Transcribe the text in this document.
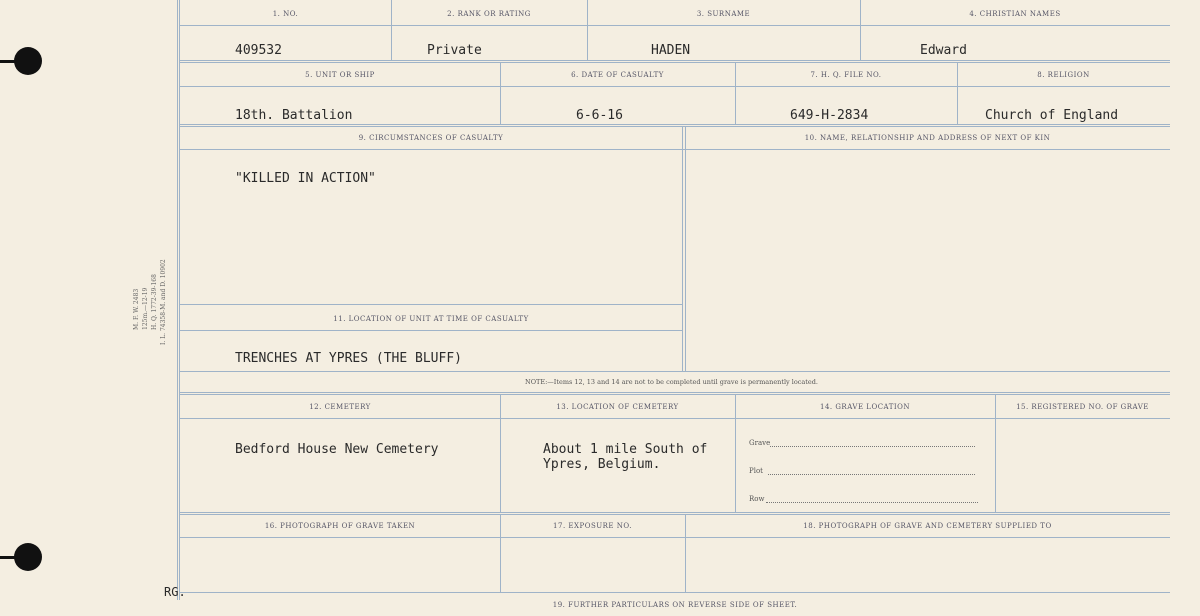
M. F. W. 2483 125m.—12-19 H. Q. 1772-39-168 I. L. 74358-M. and D. 10902
1. NO.	2. RANK OR RATING	3. SURNAME	4. CHRISTIAN NAMES
409532	Private	HADEN	Edward
5. UNIT OR SHIP	6. DATE OF CASUALTY	7. H. Q. FILE NO.	8. RELIGION
18th. Battalion	6-6-16	649-H-2834	Church of England
9. CIRCUMSTANCES OF CASUALTY	10. NAME, RELATIONSHIP AND ADDRESS OF NEXT OF KIN
"KILLED IN ACTION"
11. LOCATION OF UNIT AT TIME OF CASUALTY
TRENCHES AT YPRES (THE BLUFF)
NOTE:—Items 12, 13 and 14 are not to be completed until grave is permanently located.
12. CEMETERY	13. LOCATION OF CEMETERY	14. GRAVE LOCATION	15. REGISTERED NO. OF GRAVE
Bedford House New Cemetery	About 1 mile South of
Ypres, Belgium.
Grave
Plot
Row
16. PHOTOGRAPH OF GRAVE TAKEN	17. EXPOSURE NO.	18. PHOTOGRAPH OF GRAVE AND CEMETERY SUPPLIED TO
RG.
19. FURTHER PARTICULARS ON REVERSE SIDE OF SHEET.
